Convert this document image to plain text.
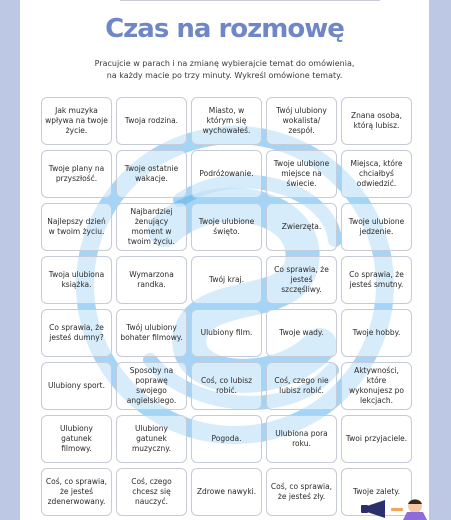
Czas na rozmowę
Pracujcie w parach i na zmianę wybierajcie temat do omówienia,
na każdy macie po trzy minuty. Wykreśl omówione tematy.
Jak muzyka wpływa na twoje życie.
Twoja rodzina.
Miasto, w którym się wychowałeś.
Twój ulubiony wokalista/ zespół.
Znana osoba, którą lubisz.
Twoje plany na przyszłość.
Twoje ostatnie wakacje.
Podróżowanie.
Twoje ulubione miejsce na świecie.
Miejsca, które chciałbyś odwiedzić.
Najlepszy dzień w twoim życiu.
Najbardziej żenujący moment w twoim życiu.
Twoje ulubione święto.
Zwierzęta.
Twoje ulubione jedzenie.
Twoja ulubiona książka.
Wymarzona randka.
Twój kraj.
Co sprawia, że jesteś szczęśliwy.
Co sprawia, że jesteś smutny.
Co sprawia, że jesteś dumny?
Twój ulubiony bohater filmowy.
Ulubiony film.	Twoje wady.	Twoje hobby.
Ulubiony sport.
Sposoby na poprawę swojego angielskiego.
Coś, co lubisz robić.
Coś, czego nie lubisz robić.
Aktywności, które wykonujesz po lekcjach.
Ulubiony gatunek filmowy.
Ulubiony gatunek muzyczny.
Pogoda.
Ulubiona pora roku.
Twoi przyjaciele.
Coś, co sprawia, że jesteś zdenerwowany.
Coś, czego chcesz się nauczyć.
Zdrowe nawyki.
Coś, co sprawia, że jesteś zły.
Twoje zalety.
